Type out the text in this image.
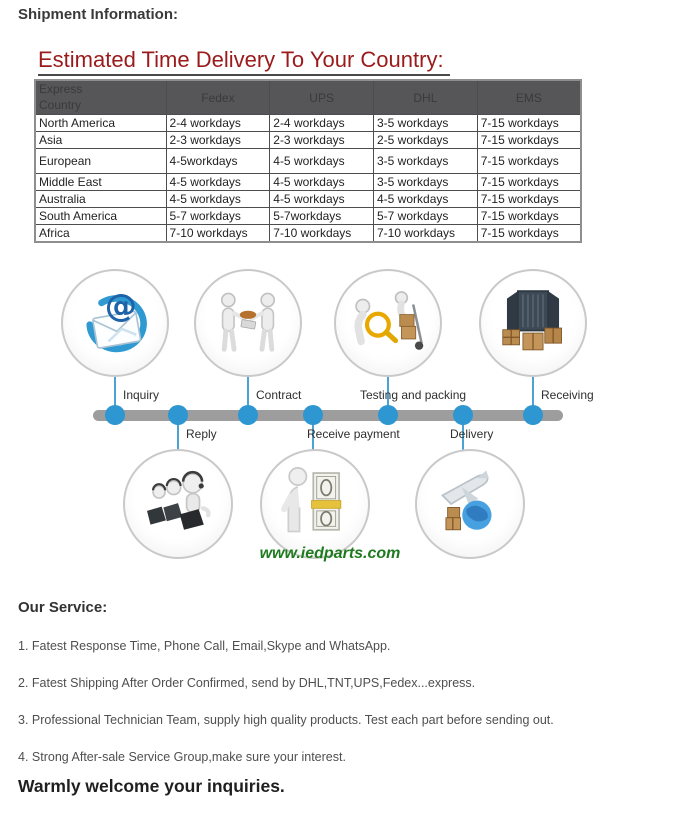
Shipment Information:
Estimated Time Delivery To Your Country:
Express
Country	Fedex	UPS	DHL	EMS
North America	2-4 workdays	2-4 workdays	3-5 workdays	7-15 workdays
Asia	2-3 workdays	2-3 workdays	2-5 workdays	7-15 workdays
European	4-5workdays	4-5 workdays	3-5 workdays	7-15 workdays
Middle East	4-5 workdays	4-5 workdays	3-5 workdays	7-15 workdays
Australia	4-5 workdays	4-5 workdays	4-5 workdays	7-15 workdays
South America	5-7 workdays	5-7workdays	5-7 workdays	7-15 workdays
Africa	7-10 workdays	7-10 workdays	7-10 workdays	7-15 workdays
Inquiry	Contract	Testing and packing	Receiving
Reply	Receive payment	Delivery
@
www.iedparts.com
Our Service:

1. Fatest Response Time, Phone Call, Email,Skype and WhatsApp.

2. Fatest Shipping After Order Confirmed, send by DHL,TNT,UPS,Fedex...express.

3. Professional Technician Team, supply high quality products. Test each part before sending out.

4. Strong After-sale Service Group,make sure your interest.

Warmly welcome your inquiries.
